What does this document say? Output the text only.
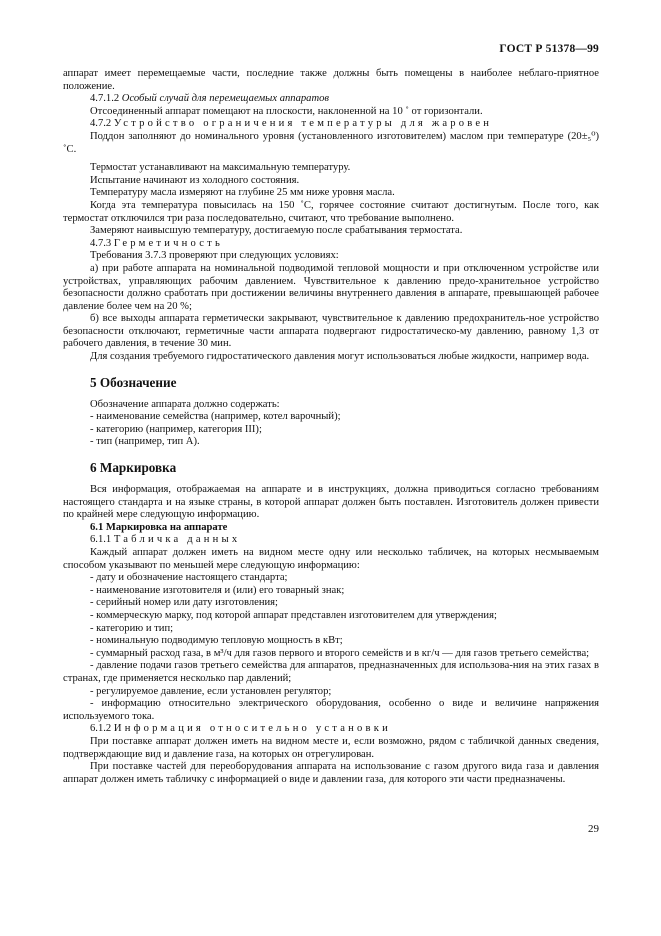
ГОСТ Р 51378—99

аппарат имеет перемещаемые части, последние также должны быть помещены в наиболее неблаго-приятное положение.

4.7.1.2 Особый случай для перемещаемых аппаратов

Отсоединенный аппарат помещают на плоскости, наклоненной на 10 ˚ от горизонтали.

4.7.2 Устройство ограничения температуры для жаровен

Поддон заполняют до номинального уровня (установленного изготовителем) маслом при температуре (20±₅⁰) ˚С.

Термостат устанавливают на максимальную температуру.

Испытание начинают из холодного состояния.

Температуру масла измеряют на глубине 25 мм ниже уровня масла.

Когда эта температура повысилась на 150 ˚С, горячее состояние считают достигнутым. После того, как термостат отключился три раза последовательно, считают, что требование выполнено.

Замеряют наивысшую температуру, достигаемую после срабатывания термостата.

4.7.3 Герметичность

Требования 3.7.3 проверяют при следующих условиях:

а) при работе аппарата на номинальной подводимой тепловой мощности и при отключенном устройстве или устройствах, управляющих рабочим давлением. Чувствительное к давлению предо-хранительное устройство безопасности должно сработать при достижении величины внутреннего давления в аппарате, превышающей рабочее давление более чем на 20 %;

б) все выходы аппарата герметически закрывают, чувствительное к давлению предохранитель-ное устройство безопасности отключают, герметичные части аппарата подвергают гидростатическо-му давлению, равному 1,3 от рабочего давления, в течение 30 мин.

Для создания требуемого гидростатического давления могут использоваться любые жидкости, например вода.

5 Обозначение

Обозначение аппарата должно содержать:

- наименование семейства (например, котел варочный);

- категорию (например, категория III);

- тип (например, тип А).

6 Маркировка

Вся информация, отображаемая на аппарате и в инструкциях, должна приводиться согласно требованиям настоящего стандарта и на языке страны, в которой аппарат должен быть поставлен. Изготовитель должен привести по крайней мере следующую информацию.

6.1 Маркировка на аппарате

6.1.1 Табличка данных

Каждый аппарат должен иметь на видном месте одну или несколько табличек, на которых несмываемым способом указывают по меньшей мере следующую информацию:

- дату и обозначение настоящего стандарта;

- наименование изготовителя и (или) его товарный знак;

- серийный номер или дату изготовления;

- коммерческую марку, под которой аппарат представлен изготовителем для утверждения;

- категорию и тип;

- номинальную подводимую тепловую мощность в кВт;

- суммарный расход газа, в м³/ч для газов первого и второго семейств и в кг/ч — для газов третьего семейства;

- давление подачи газов третьего семейства для аппаратов, предназначенных для использова-ния на этих газах в странах, где применяется несколько пар давлений;

- регулируемое давление, если установлен регулятор;

- информацию относительно электрического оборудования, особенно о виде и величине напряжения используемого тока.

6.1.2 Информация относительно установки

При поставке аппарат должен иметь на видном месте и, если возможно, рядом с табличкой данных сведения, подтверждающие вид и давление газа, на которых он отрегулирован.

При поставке частей для переоборудования аппарата на использование с газом другого вида газа и давления аппарат должен иметь табличку с информацией о виде и давлении газа, для которого эти части предназначены.

29
